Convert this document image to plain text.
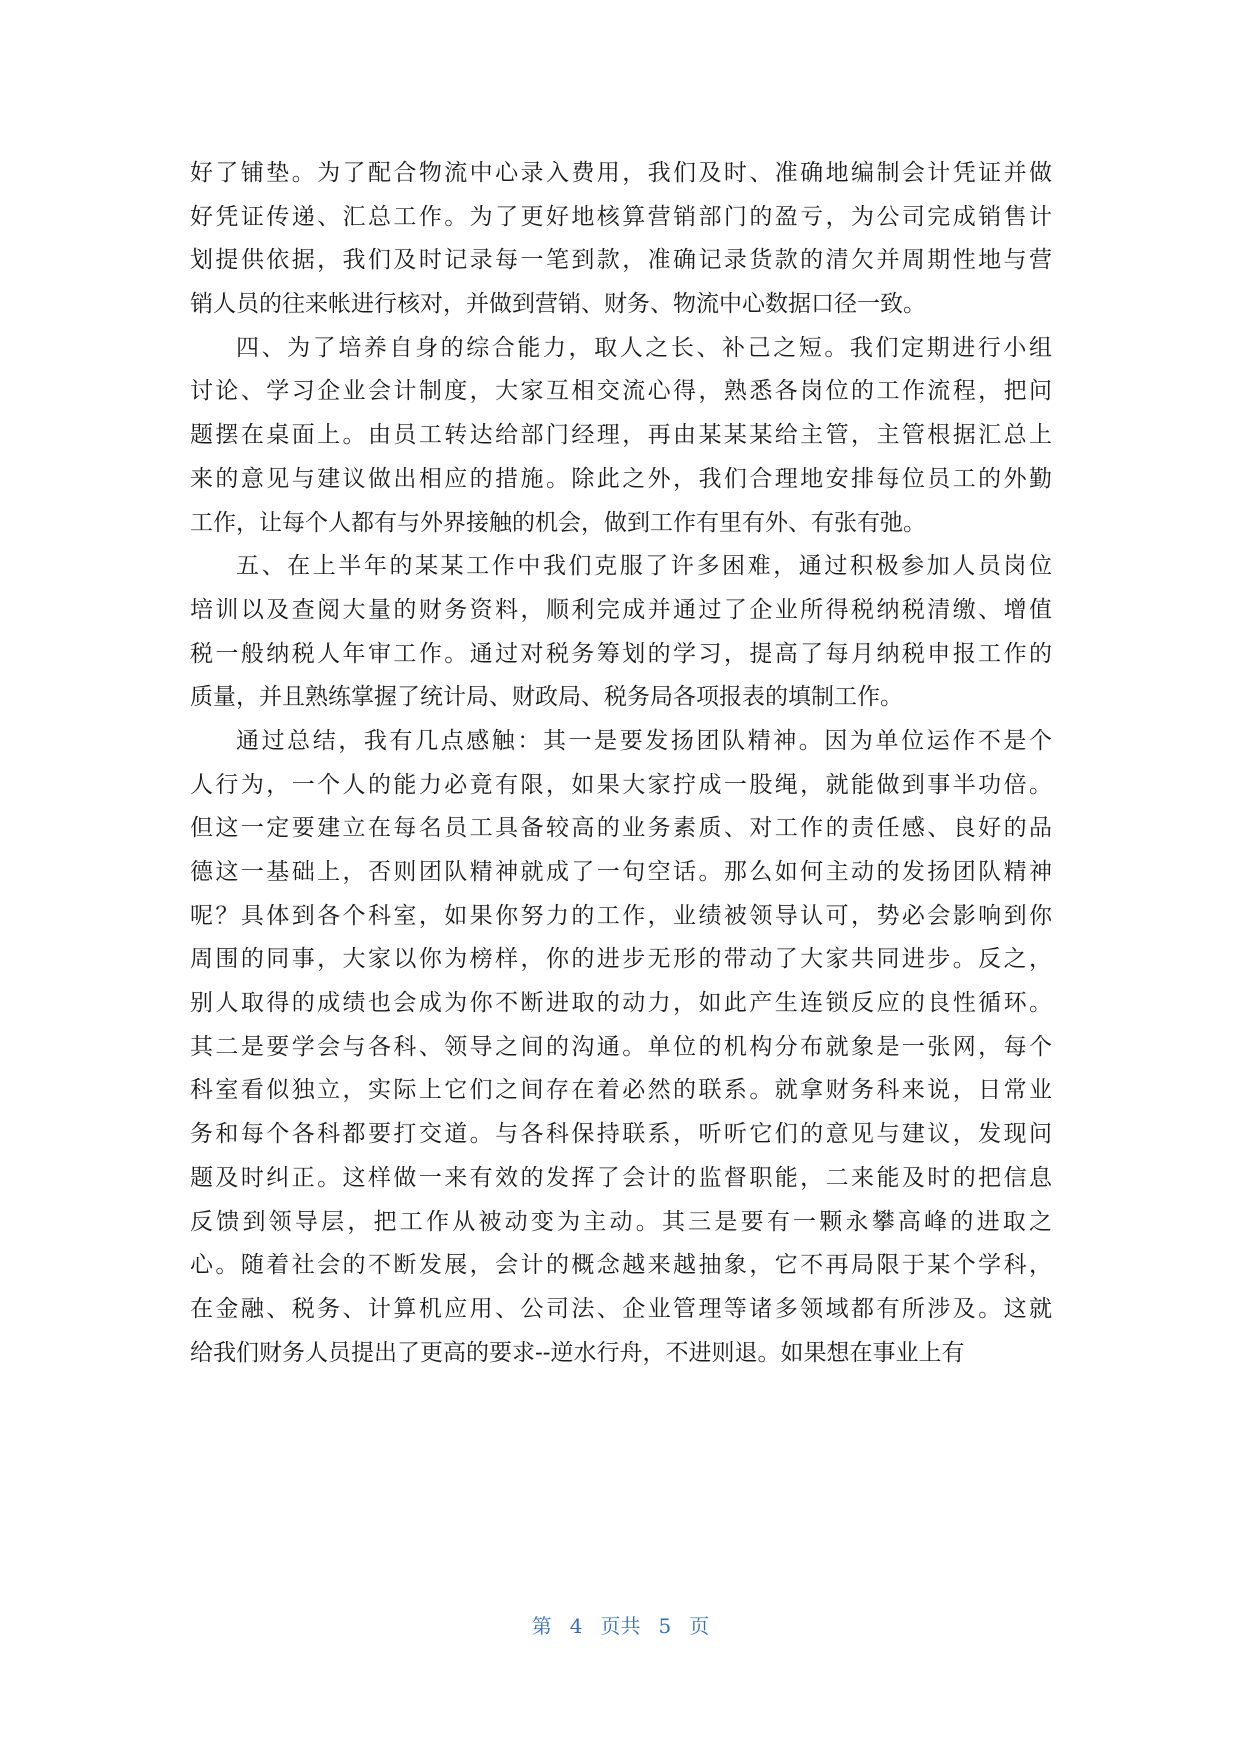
好了铺垫。为了配合物流中心录入费用，我们及时、准确地编制会计凭证并做
好凭证传递、汇总工作。为了更好地核算营销部门的盈亏，为公司完成销售计
划提供依据，我们及时记录每一笔到款，准确记录货款的清欠并周期性地与营
销人员的往来帐进行核对，并做到营销、财务、物流中心数据口径一致。
四、为了培养自身的综合能力，取人之长、补己之短。我们定期进行小组
讨论、学习企业会计制度，大家互相交流心得，熟悉各岗位的工作流程，把问
题摆在桌面上。由员工转达给部门经理，再由某某某给主管，主管根据汇总上
来的意见与建议做出相应的措施。除此之外，我们合理地安排每位员工的外勤
工作，让每个人都有与外界接触的机会，做到工作有里有外、有张有弛。
五、在上半年的某某工作中我们克服了许多困难，通过积极参加人员岗位
培训以及查阅大量的财务资料，顺利完成并通过了企业所得税纳税清缴、增值
税一般纳税人年审工作。通过对税务筹划的学习，提高了每月纳税申报工作的
质量，并且熟练掌握了统计局、财政局、税务局各项报表的填制工作。
通过总结，我有几点感触：其一是要发扬团队精神。因为单位运作不是个
人行为，一个人的能力必竟有限，如果大家拧成一股绳，就能做到事半功倍。
但这一定要建立在每名员工具备较高的业务素质、对工作的责任感、良好的品
德这一基础上，否则团队精神就成了一句空话。那么如何主动的发扬团队精神
呢？具体到各个科室，如果你努力的工作，业绩被领导认可，势必会影响到你
周围的同事，大家以你为榜样，你的进步无形的带动了大家共同进步。反之，
别人取得的成绩也会成为你不断进取的动力，如此产生连锁反应的良性循环。
其二是要学会与各科、领导之间的沟通。单位的机构分布就象是一张网，每个
科室看似独立，实际上它们之间存在着必然的联系。就拿财务科来说，日常业
务和每个各科都要打交道。与各科保持联系，听听它们的意见与建议，发现问
题及时纠正。这样做一来有效的发挥了会计的监督职能，二来能及时的把信息
反馈到领导层，把工作从被动变为主动。其三是要有一颗永攀高峰的进取之
心。随着社会的不断发展，会计的概念越来越抽象，它不再局限于某个学科，
在金融、税务、计算机应用、公司法、企业管理等诸多领域都有所涉及。这就
给我们财务人员提出了更高的要求--逆水行舟，不进则退。如果想在事业上有
第 4 页共 5 页
